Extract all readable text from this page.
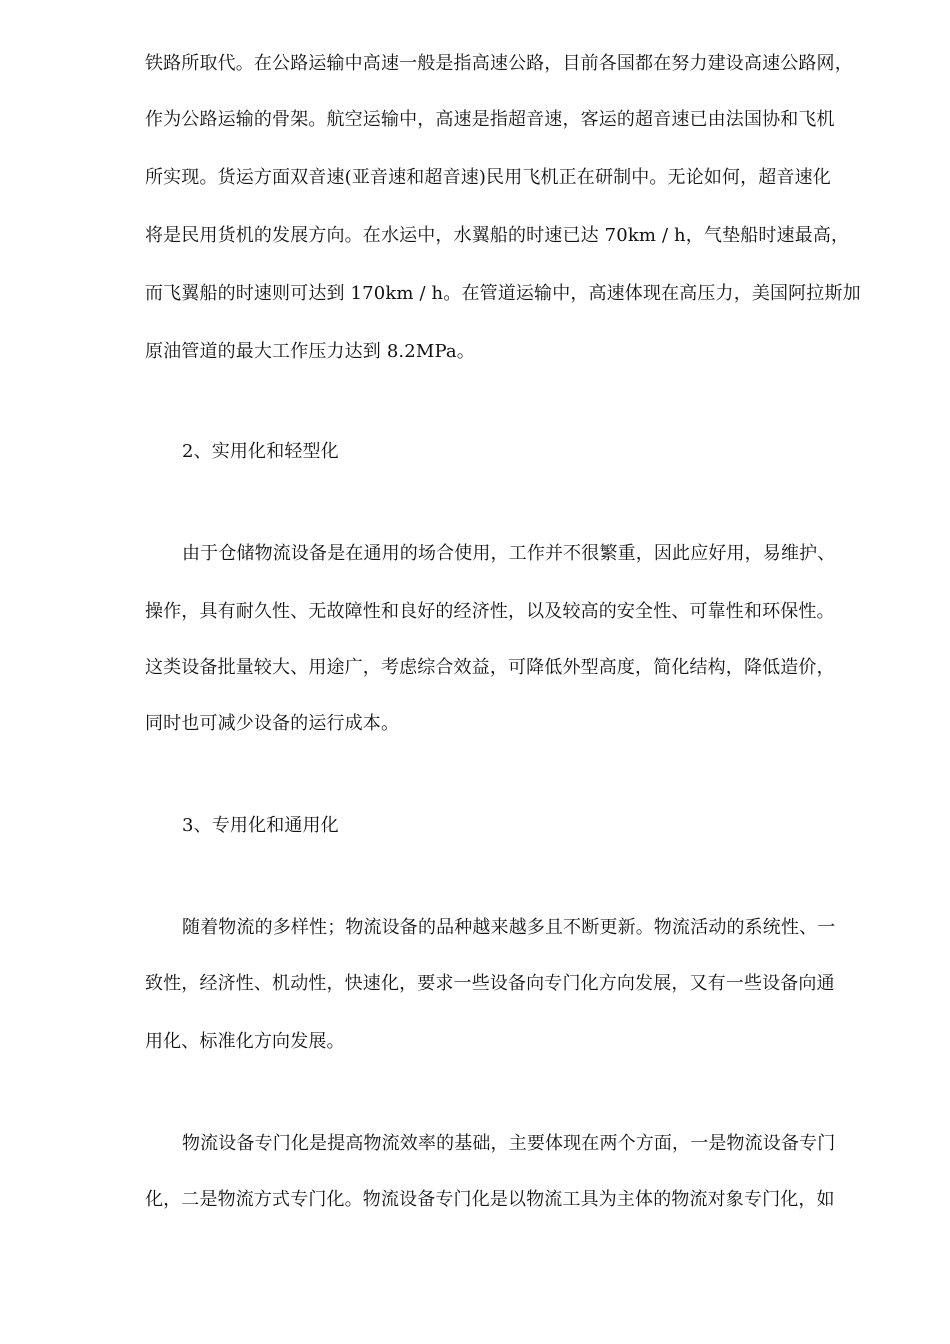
铁路所取代。在公路运输中高速一般是指高速公路，目前各国都在努力建设高速公路网，
作为公路运输的骨架。航空运输中，高速是指超音速，客运的超音速已由法国协和飞机
所实现。货运方面双音速(亚音速和超音速)民用飞机正在研制中。无论如何，超音速化
将是民用货机的发展方向。在水运中，水翼船的时速已达 70km / h，气垫船时速最高，
而飞翼船的时速则可达到 170km / h。在管道运输中，高速体现在高压力，美国阿拉斯加
原油管道的最大工作压力达到 8.2MPa。
2、实用化和轻型化
由于仓储物流设备是在通用的场合使用，工作并不很繁重，因此应好用，易维护、
操作，具有耐久性、无故障性和良好的经济性，以及较高的安全性、可靠性和环保性。
这类设备批量较大、用途广，考虑综合效益，可降低外型高度，简化结构，降低造价，
同时也可减少设备的运行成本。
3、专用化和通用化
随着物流的多样性；物流设备的品种越来越多且不断更新。物流活动的系统性、一
致性，经济性、机动性，快速化，要求一些设备向专门化方向发展，又有一些设备向通
用化、标准化方向发展。
物流设备专门化是提高物流效率的基础，主要体现在两个方面，一是物流设备专门
化，二是物流方式专门化。物流设备专门化是以物流工具为主体的物流对象专门化，如
